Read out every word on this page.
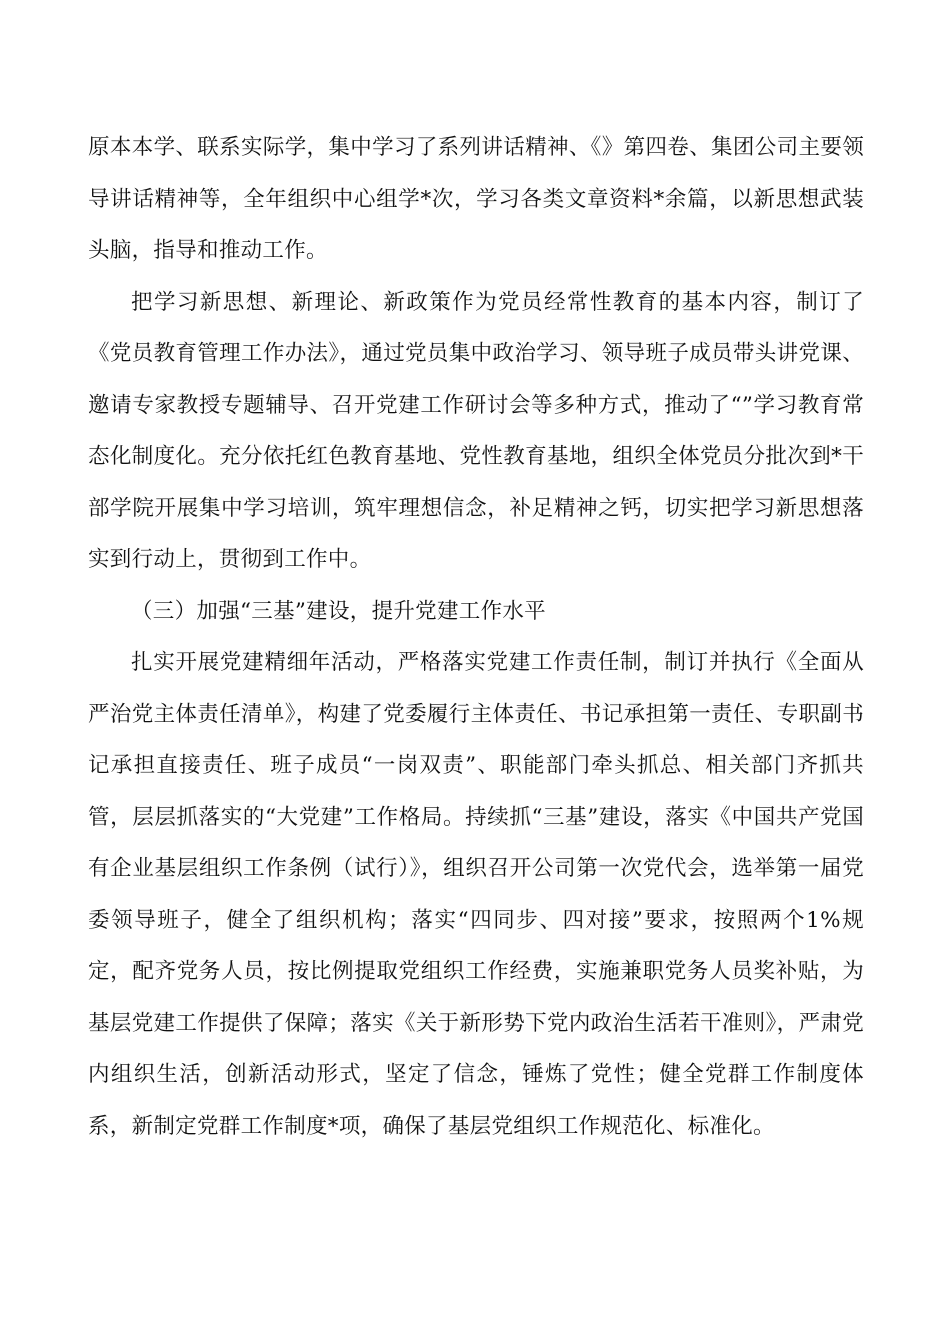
原本本学、联系实际学，集中学习了系列讲话精神、《》第四卷、集团公司主要领导讲话精神等，全年组织中心组学*次，学习各类文章资料*余篇，以新思想武装头脑，指导和推动工作。

把学习新思想、新理论、新政策作为党员经常性教育的基本内容，制订了《党员教育管理工作办法》，通过党员集中政治学习、领导班子成员带头讲党课、邀请专家教授专题辅导、召开党建工作研讨会等多种方式，推动了“”学习教育常态化制度化。充分依托红色教育基地、党性教育基地，组织全体党员分批次到*干部学院开展集中学习培训，筑牢理想信念，补足精神之钙，切实把学习新思想落实到行动上，贯彻到工作中。

（三）加强“三基”建设，提升党建工作水平

扎实开展党建精细年活动，严格落实党建工作责任制，制订并执行《全面从严治党主体责任清单》，构建了党委履行主体责任、书记承担第一责任、专职副书记承担直接责任、班子成员“一岗双责”、职能部门牵头抓总、相关部门齐抓共管，层层抓落实的“大党建”工作格局。持续抓“三基”建设，落实《中国共产党国有企业基层组织工作条例（试行）》，组织召开公司第一次党代会，选举第一届党委领导班子，健全了组织机构；落实“四同步、四对接”要求，按照两个1%规定，配齐党务人员，按比例提取党组织工作经费，实施兼职党务人员奖补贴，为基层党建工作提供了保障；落实《关于新形势下党内政治生活若干准则》，严肃党内组织生活，创新活动形式，坚定了信念，锤炼了党性；健全党群工作制度体系，新制定党群工作制度*项，确保了基层党组织工作规范化、标准化。
